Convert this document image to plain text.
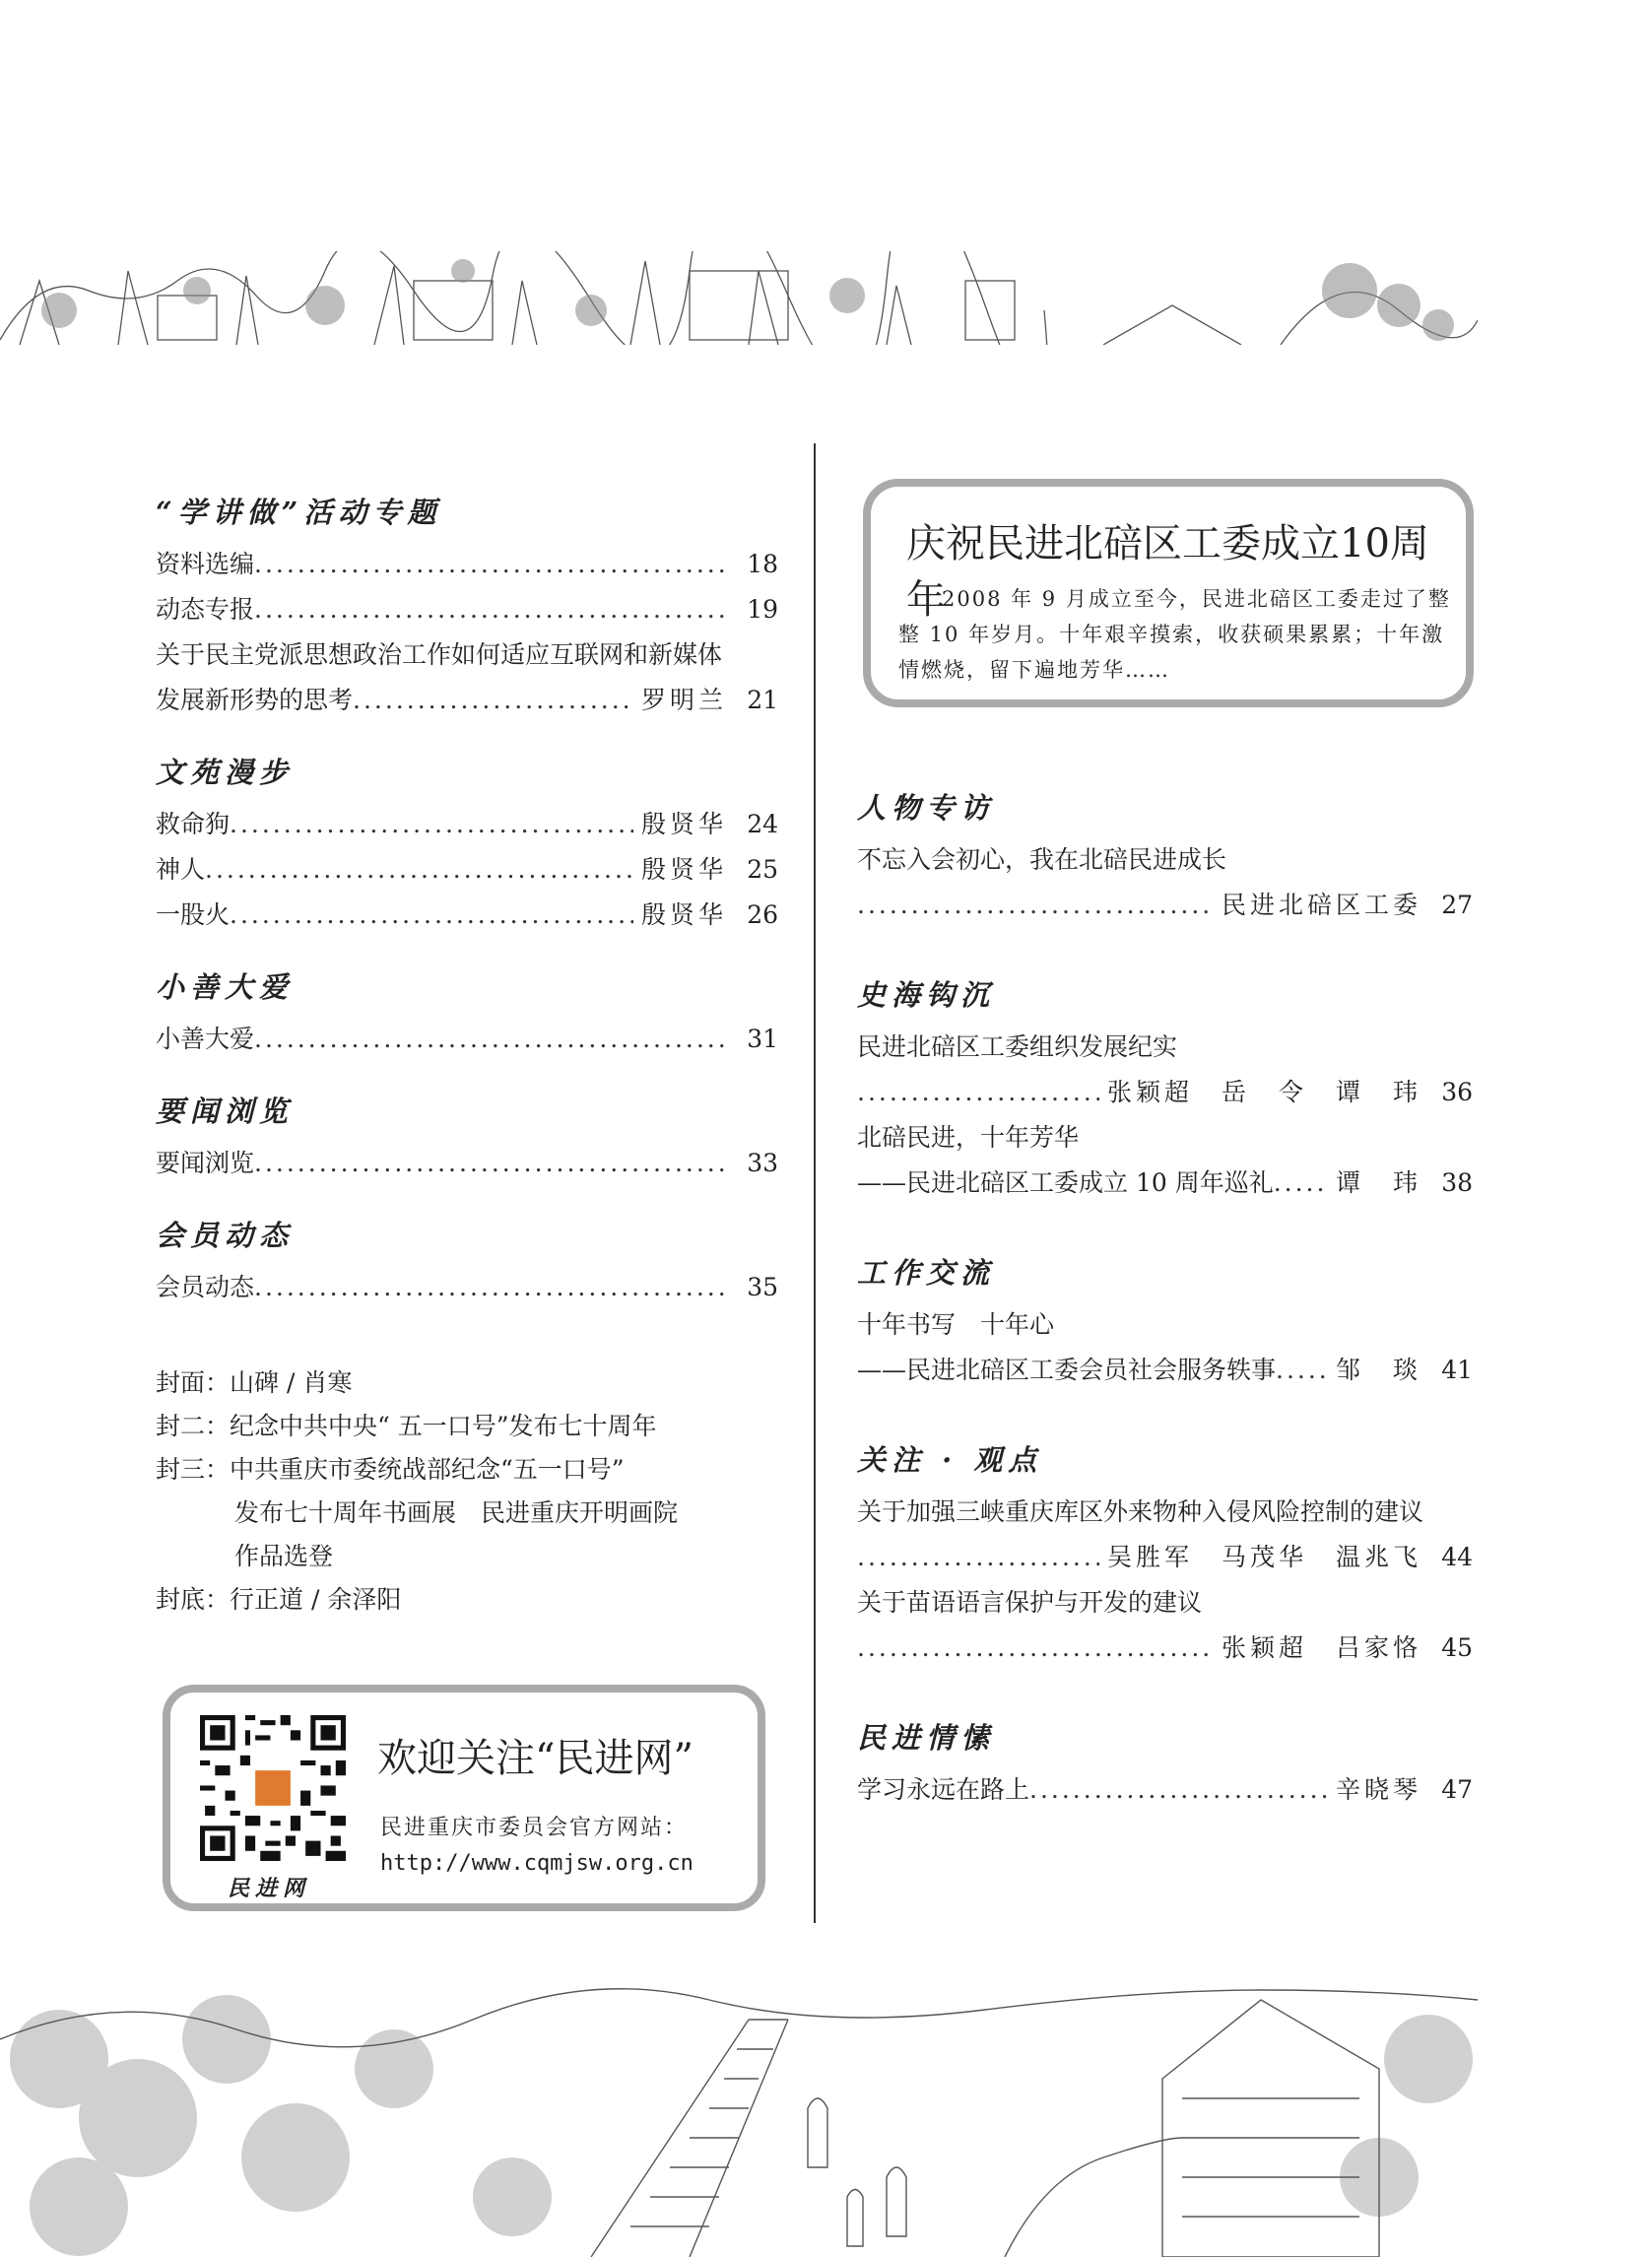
“学讲做”活动专题
资料选编 .....	18
动态专报 .....	19
关于民主党派思想政治工作如何适应互联网和新媒体
发展新形势的思考 .....	罗明兰 21
文苑漫步
救命狗 .....	殷贤华 24
神人 .....	殷贤华 25
一股火 .....	殷贤华 26
小善大爱
小善大爱 .....	31
要闻浏览
要闻浏览 .....	33
会员动态
会员动态 .....	35
封面：山碑 / 肖寒
封二：纪念中共中央“ 五一口号”发布七十周年
封三：中共重庆市委统战部纪念“五一口号”
发布七十周年书画展　民进重庆开明画院
作品选登
封底：行正道 / 余泽阳
民进网
欢迎关注“民进网”
民进重庆市委员会官方网站：
http://www.cqmjsw.org.cn
庆祝民进北碚区工委成立10周年
2008 年 9 月成立至今，民进北碚区工委走过了整整 10 年岁月。十年艰辛摸索，收获硕果累累；十年激情燃烧，留下遍地芳华……
人物专访
不忘入会初心，我在北碚民进成长
.....
民进北碚区工委 27
史海钩沉
民进北碚区工委组织发展纪实
.....
张颖超　岳　令　谭　玮 36
北碚民进，十年芳华
——民进北碚区工委成立 10 周年巡礼 .....	谭　玮 38
工作交流
十年书写　十年心
——民进北碚区工委会员社会服务轶事 ..... 邹　琰 41
关注 · 观点
关于加强三峡重庆库区外来物种入侵风险控制的建议
.....
吴胜军　马茂华　温兆飞 44
关于苗语语言保护与开发的建议
.....
张颖超　吕家恪 45
民进情愫
学习永远在路上 .....	辛晓琴 47
